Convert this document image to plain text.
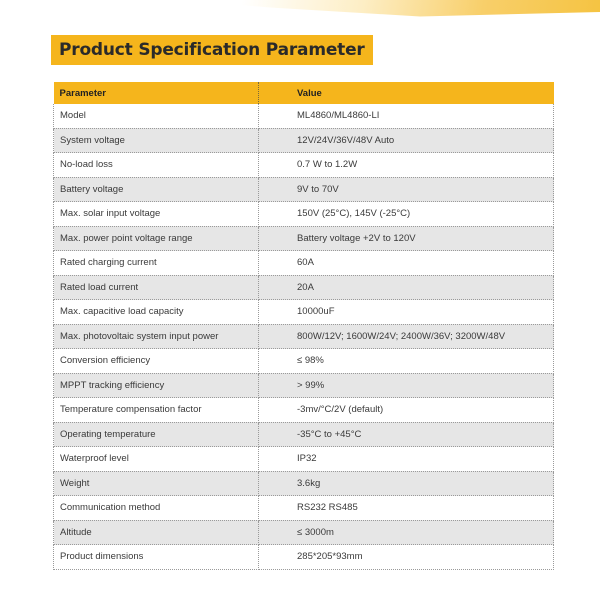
Product Specification Parameter
Parameter	Value
Model	ML4860/ML4860-LI
System voltage	12V/24V/36V/48V Auto
No-load loss	0.7 W to 1.2W
Battery voltage	9V to 70V
Max. solar input voltage	150V (25°C), 145V (-25°C)
Max. power point voltage range	Battery voltage +2V to 120V
Rated charging current	60A
Rated load current	20A
Max. capacitive load capacity	10000uF
Max. photovoltaic system input power	800W/12V; 1600W/24V; 2400W/36V; 3200W/48V
Conversion efficiency	≤ 98%
MPPT tracking efficiency	> 99%
Temperature compensation factor	-3mv/°C/2V (default)
Operating temperature	-35°C to +45°C
Waterproof level	IP32
Weight	3.6kg
Communication method	RS232 RS485
Altitude	≤ 3000m
Product dimensions	285*205*93mm
